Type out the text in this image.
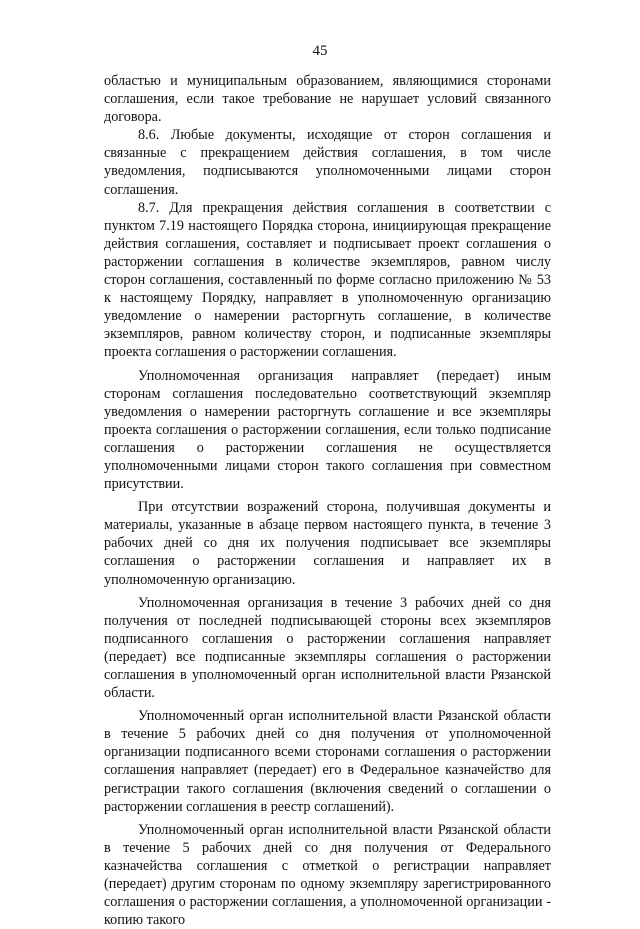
45

областью и муниципальным образованием, являющимися сторонами соглашения, если такое требование не нарушает условий связанного договора.

8.6. Любые документы, исходящие от сторон соглашения и связанные с прекращением действия соглашения, в том числе уведомления, подписываются уполномоченными лицами сторон соглашения.

8.7. Для прекращения действия соглашения в соответствии с пунктом 7.19 настоящего Порядка сторона, инициирующая прекращение действия соглашения, составляет и подписывает проект соглашения о расторжении соглашения в количестве экземпляров, равном числу сторон соглашения, составленный по форме согласно приложению № 53 к настоящему Порядку, направляет в уполномоченную организацию уведомление о намерении расторгнуть соглашение, в количестве экземпляров, равном количеству сторон, и подписанные экземпляры проекта соглашения о расторжении соглашения.

Уполномоченная организация направляет (передает) иным сторонам соглашения последовательно соответствующий экземпляр уведомления о намерении расторгнуть соглашение и все экземпляры проекта соглашения о расторжении соглашения, если только подписание соглашения о расторжении соглашения не осуществляется уполномоченными лицами сторон такого соглашения при совместном присутствии.

При отсутствии возражений сторона, получившая документы и материалы, указанные в абзаце первом настоящего пункта, в течение 3 рабочих дней со дня их получения подписывает все экземпляры соглашения о расторжении соглашения и направляет их в уполномоченную организацию.

Уполномоченная организация в течение 3 рабочих дней со дня получения от последней подписывающей стороны всех экземпляров подписанного соглашения о расторжении соглашения направляет (передает) все подписанные экземпляры соглашения о расторжении соглашения в уполномоченный орган исполнительной власти Рязанской области.

Уполномоченный орган исполнительной власти Рязанской области в течение 5 рабочих дней со дня получения от уполномоченной организации подписанного всеми сторонами соглашения о расторжении соглашения направляет (передает) его в Федеральное казначейство для регистрации такого соглашения (включения сведений о соглашении о расторжении соглашения в реестр соглашений).

Уполномоченный орган исполнительной власти Рязанской области в течение 5 рабочих дней со дня получения от Федерального казначейства соглашения с отметкой о регистрации направляет (передает) другим сторонам по одному экземпляру зарегистрированного соглашения о расторжении соглашения, а уполномоченной организации - копию такого
